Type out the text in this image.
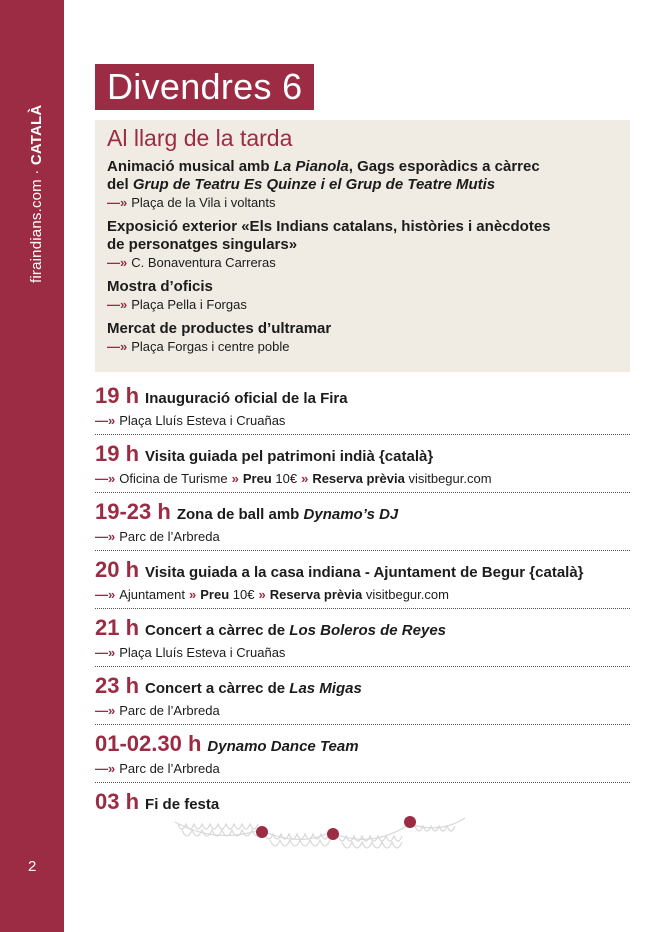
firaindians.com · CATALÀ
2
Divendres 6
Al llarg de la tarda
Animació musical amb La Pianola, Gags esporàdics a càrrec
del Grup de Teatru Es Quinze i el Grup de Teatre Mutis
—» Plaça de la Vila i voltants
Exposició exterior «Els Indians catalans, històries i anècdotes
de personatges singulars»
—» C. Bonaventura Carreras
Mostra d’oficis
—» Plaça Pella i Forgas
Mercat de productes d’ultramar
—» Plaça Forgas i centre poble
19 h Inauguració oficial de la Fira
—» Plaça Lluís Esteva i Cruañas
19 h Visita guiada pel patrimoni indià {català}
—» Oficina de Turisme » Preu 10€ » Reserva prèvia visitbegur.com
19-23 h Zona de ball amb Dynamo’s DJ
—» Parc de l’Arbreda
20 h Visita guiada a la casa indiana - Ajuntament de Begur {català}
—» Ajuntament » Preu 10€ » Reserva prèvia visitbegur.com
21 h Concert a càrrec de Los Boleros de Reyes
—» Plaça Lluís Esteva i Cruañas
23 h Concert a càrrec de Las Migas
—» Parc de l’Arbreda
01-02.30 h Dynamo Dance Team
—» Parc de l’Arbreda
03 h Fi de festa
